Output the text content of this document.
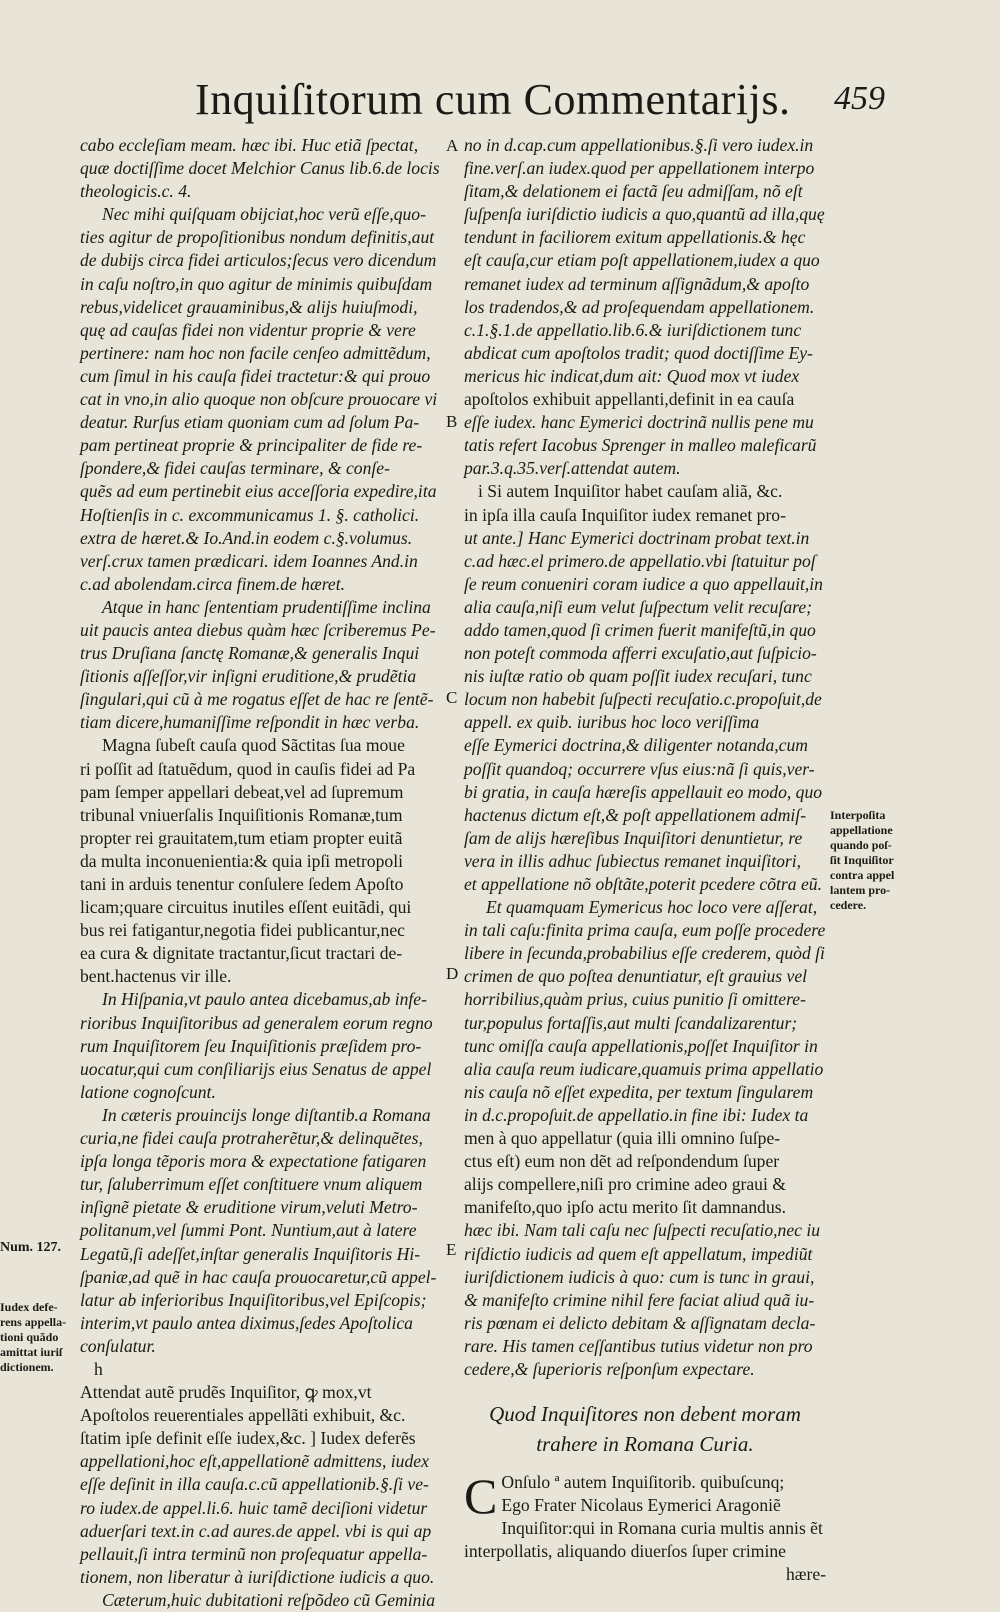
Inquiſitorum cum Commentarijs. 459
cabo eccleſiam meam. hæc ibi. Huc etiã ſpectat,
quæ doctiſſime docet Melchior Canus lib.6.de locis
theologicis.c. 4.
Nec mihi quiſquam obijciat,hoc verũ eſſe,quo-
ties agitur de propoſitionibus nondum definitis,aut
de dubijs circa fidei articulos;ſecus vero dicendum
in caſu noſtro,in quo agitur de minimis quibuſdam
rebus,videlicet grauaminibus,& alijs huiuſmodi,
quę ad cauſas fidei non videntur proprie & vere
pertinere: nam hoc non facile cenſeo admittẽdum,
cum ſimul in his cauſa fidei tractetur:& qui prouo
cat in vno,in alio quoque non obſcure prouocare vi
deatur. Rurſus etiam quoniam cum ad ſolum Pa-
pam pertineat proprie & principaliter de fide re-
ſpondere,& fidei cauſas terminare, & conſe-
quẽs ad eum pertinebit eius acceſſoria expedire,ita
Hoſtienſis in c. excommunicamus 1. §. catholici.
extra de hæret.& Io.And.in eodem c.§.volumus.
verſ.crux tamen prædicari. idem Ioannes And.in
c.ad abolendam.circa finem.de hæret.
Atque in hanc ſententiam prudentiſſime inclina
uit paucis antea diebus quàm hæc ſcriberemus Pe-
trus Druſiana ſanctę Romanæ,& generalis Inqui
ſitionis aſſeſſor,vir inſigni eruditione,& prudẽtia
ſingulari,qui cũ à me rogatus eſſet de hac re ſentẽ-
tiam dicere,humaniſſime reſpondit in hæc verba.
Magna ſubeſt cauſa quod Sãctitas ſua moue
ri poſſit ad ſtatuẽdum, quod in cauſis fidei ad Pa
pam ſemper appellari debeat,vel ad ſupremum
tribunal vniuerſalis Inquiſitionis Romanæ,tum
propter rei grauitatem,tum etiam propter euitã
da multa inconuenientia:& quia ipſi metropoli
tani in arduis tenentur conſulere ſedem Apoſto
licam;quare circuitus inutiles eſſent euitãdi, qui
bus rei fatigantur,negotia fidei publicantur,nec
ea cura & dignitate tractantur,ſicut tractari de-
bent.hactenus vir ille.
In Hiſpania,vt paulo antea dicebamus,ab infe-
rioribus Inquiſitoribus ad generalem eorum regno
rum Inquiſitorem ſeu Inquiſitionis præſidem pro-
uocatur,qui cum conſiliarijs eius Senatus de appel
latione cognoſcunt.
In cæteris prouincijs longe diſtantib.a Romana
curia,ne fidei cauſa protraherẽtur,& delinquẽtes,
ipſa longa tẽporis mora & expectatione fatigaren
tur, ſaluberrimum eſſet conſtituere vnum aliquem
inſignẽ pietate & eruditione virum,veluti Metro-
politanum,vel ſummi Pont. Nuntium,aut à latere
Legatũ,ſi adeſſet,inſtar generalis Inquiſitoris Hi-
ſpaniæ,ad quẽ in hac cauſa prouocaretur,cũ appel-
latur ab inferioribus Inquiſitoribus,vel Epiſcopis;
interim,vt paulo antea diximus,ſedes Apoſtolica
conſulatur.
h
Attendat autẽ prudẽs Inquiſitor, ꝙ mox,vt
Apoſtolos reuerentiales appellãti exhibuit, &c.
ſtatim ipſe definit eſſe iudex,&c. ] Iudex deferẽs
appellationi,hoc eſt,appellationẽ admittens, iudex
eſſe deſinit in illa cauſa.c.cũ appellationib.§.ſi ve-
ro iudex.de appel.li.6. huic tamẽ deciſioni videtur
aduerſari text.in c.ad aures.de appel. vbi is qui ap
pellauit,ſi intra terminũ non proſequatur appella-
tionem, non liberatur à iuriſdictione iudicis a quo.
Cæterum,huic dubitationi reſpõdeo cũ Geminia
no in d.cap.cum appellationibus.§.ſi vero iudex.in
fine.verſ.an iudex.quod per appellationem interpo
ſitam,& delationem ei factã ſeu admiſſam, nõ eſt
ſuſpenſa iuriſdictio iudicis a quo,quantũ ad illa,quę
tendunt in faciliorem exitum appellationis.& hęc
eſt cauſa,cur etiam poſt appellationem,iudex a quo
remanet iudex ad terminum aſſignãdum,& apoſto
los tradendos,& ad proſequendam appellationem.
c.1.§.1.de appellatio.lib.6.& iuriſdictionem tunc
abdicat cum apoſtolos tradit; quod doctiſſime Ey-
mericus hic indicat,dum ait: Quod mox vt iudex
apoſtolos exhibuit appellanti,definit in ea cauſa
eſſe iudex. hanc Eymerici doctrinã nullis pene mu
tatis refert Iacobus Sprenger in malleo maleficarũ
par.3.q.35.verſ.attendat autem.
i Si autem Inquiſitor habet cauſam aliã, &c.
in ipſa illa cauſa Inquiſitor iudex remanet pro-
ut ante.] Hanc Eymerici doctrinam probat text.in
c.ad hæc.el primero.de appellatio.vbi ſtatuitur poſ
ſe reum conueniri coram iudice a quo appellauit,in
alia cauſa,niſi eum velut ſuſpectum velit recuſare;
addo tamen,quod ſi crimen fuerit manifeſtũ,in quo
non poteſt commoda afferri excuſatio,aut ſuſpicio-
nis iuſtæ ratio ob quam poſſit iudex recuſari, tunc
locum non habebit ſuſpecti recuſatio.c.propoſuit,de
appell. ex quib. iuribus hoc loco veriſſima
eſſe Eymerici doctrina,& diligenter notanda,cum
poſſit quandoq; occurrere vſus eius:nã ſi quis,ver-
bi gratia, in cauſa hæreſis appellauit eo modo, quo
hactenus dictum eſt,& poſt appellationem admiſ-
ſam de alijs hæreſibus Inquiſitori denuntietur, re
vera in illis adhuc ſubiectus remanet inquiſitori,
et appellatione nõ obſtãte,poterit pcedere cõtra eũ.
Et quamquam Eymericus hoc loco vere aſſerat,
in tali caſu:finita prima cauſa, eum poſſe procedere
libere in ſecunda,probabilius eſſe crederem, quòd ſi
crimen de quo poſtea denuntiatur, eſt grauius vel
horribilius,quàm prius, cuius punitio ſi omittere-
tur,populus fortaſſis,aut multi ſcandalizarentur;
tunc omiſſa cauſa appellationis,poſſet Inquiſitor in
alia cauſa reum iudicare,quamuis prima appellatio
nis cauſa nõ eſſet expedita, per textum ſingularem
in d.c.propoſuit.de appellatio.in fine ibi: Iudex ta
men à quo appellatur (quia illi omnino ſuſpe-
ctus eſt) eum non dẽt ad reſpondendum ſuper
alijs compellere,niſi pro crimine adeo graui &
manifeſto,quo ipſo actu merito ſit damnandus.
hæc ibi. Nam tali caſu nec ſuſpecti recuſatio,nec iu
riſdictio iudicis ad quem eſt appellatum, impediũt
iuriſdictionem iudicis à quo: cum is tunc in graui,
& manifeſto crimine nihil fere faciat aliud quã iu-
ris pœnam ei delicto debitam & aſſignatam decla-
rare. His tamen ceſſantibus tutius videtur non pro
cedere,& ſuperioris reſponſum expectare.
Quod Inquiſitores non debent moram
trahere in Romana Curia.
C Onſulo ª autem Inquiſitorib. quibuſcunq;
Ego Frater Nicolaus Eymerici Aragoniẽ
Inquiſitor:qui in Romana curia multis annis ẽt
interpollatis, aliquando diuerſos ſuper crimine
hære-
A
B
C
D
E
Interpoſita
appellatione
quando poſ-
ſit Inquiſitor
contra appel
lantem pro-
cedere.
Num. 127.
Iudex defe-
rens appella-
tioni quãdo
amittat iuriſ
dictionem.
